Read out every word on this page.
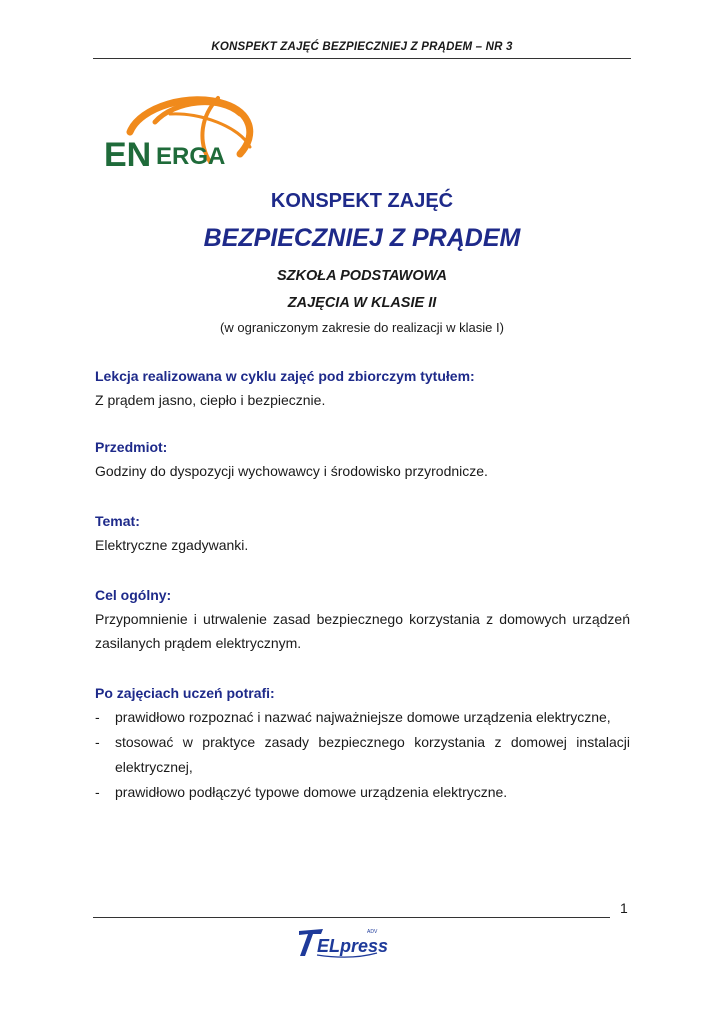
KONSPEKT ZAJĘĆ BEZPIECZNIEJ Z PRĄDEM – NR 3
EN ERGA
KONSPEKT ZAJĘĆ
BEZPIECZNIEJ Z PRĄDEM
SZKOŁA PODSTAWOWA
ZAJĘCIA W KLASIE II
(w ograniczonym zakresie do realizacji w klasie I)
Lekcja realizowana w cyklu zajęć pod zbiorczym tytułem:
Z prądem jasno, ciepło i bezpiecznie.
Przedmiot:
Godziny do dyspozycji wychowawcy i środowisko przyrodnicze.
Temat:
Elektryczne zgadywanki.
Cel ogólny:
Przypomnienie i utrwalenie zasad bezpiecznego korzystania z domowych urządzeń zasilanych prądem elektrycznym.
Po zajęciach uczeń potrafi:
- prawidłowo rozpoznać i nazwać najważniejsze domowe urządzenia elektryczne,
- stosować w praktyce zasady bezpiecznego korzystania z domowej instalacji elektrycznej,
- prawidłowo podłączyć typowe domowe urządzenia elektryczne.
1
ELpress
ADV
